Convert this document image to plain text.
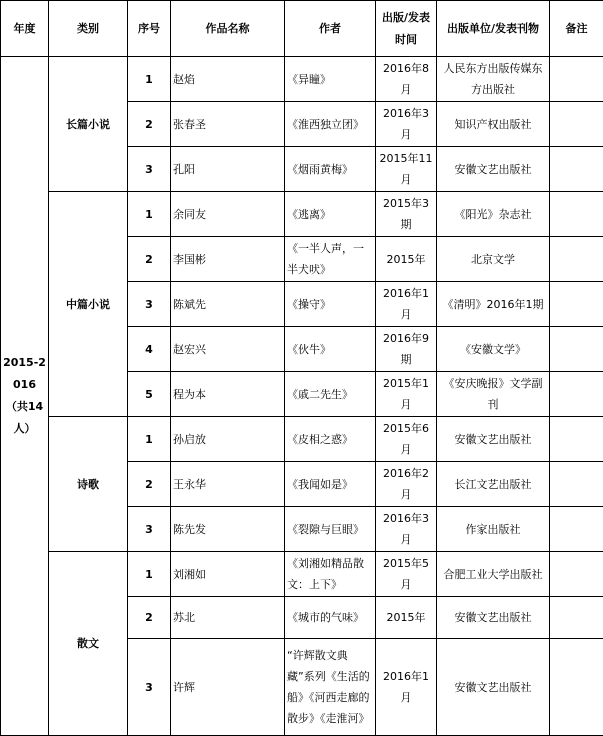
年度	类别	序号	作品名称	作者	出版/发表时间	出版单位/发表刊物	备注
2015-2016（共14人）	长篇小说	1	赵焰	《异瞳》	2016年8月	人民东方出版传媒东方出版社	
		2	张春圣	《淮西独立团》	2016年3月	知识产权出版社	
		3	孔阳	《烟雨黄梅》	2015年11月	安徽文艺出版社	
	中篇小说	1	余同友	《逃离》	2015年3期	《阳光》杂志社	
		2	李国彬	《一半人声，一半犬吠》	2015年	北京文学	
		3	陈斌先	《操守》	2016年1月	《清明》2016年1期	
		4	赵宏兴	《伙牛》	2016年9期	《安徽文学》	
		5	程为本	《戚二先生》	2015年1月	《安庆晚报》文学副刊	
	诗歌	1	孙启放	《皮相之惑》	2015年6月	安徽文艺出版社	
		2	王永华	《我闻如是》	2016年2月	长江文艺出版社	
		3	陈先发	《裂隙与巨眼》	2016年3月	作家出版社	
	散文	1	刘湘如	《刘湘如精品散文：上下》	2015年5月	合肥工业大学出版社	
		2	苏北	《城市的气味》	2015年	安徽文艺出版社	
		3	许辉	“许辉散文典藏”系列《生活的船》《河西走廊的散步》《走淮河》	2016年1月	安徽文艺出版社	
